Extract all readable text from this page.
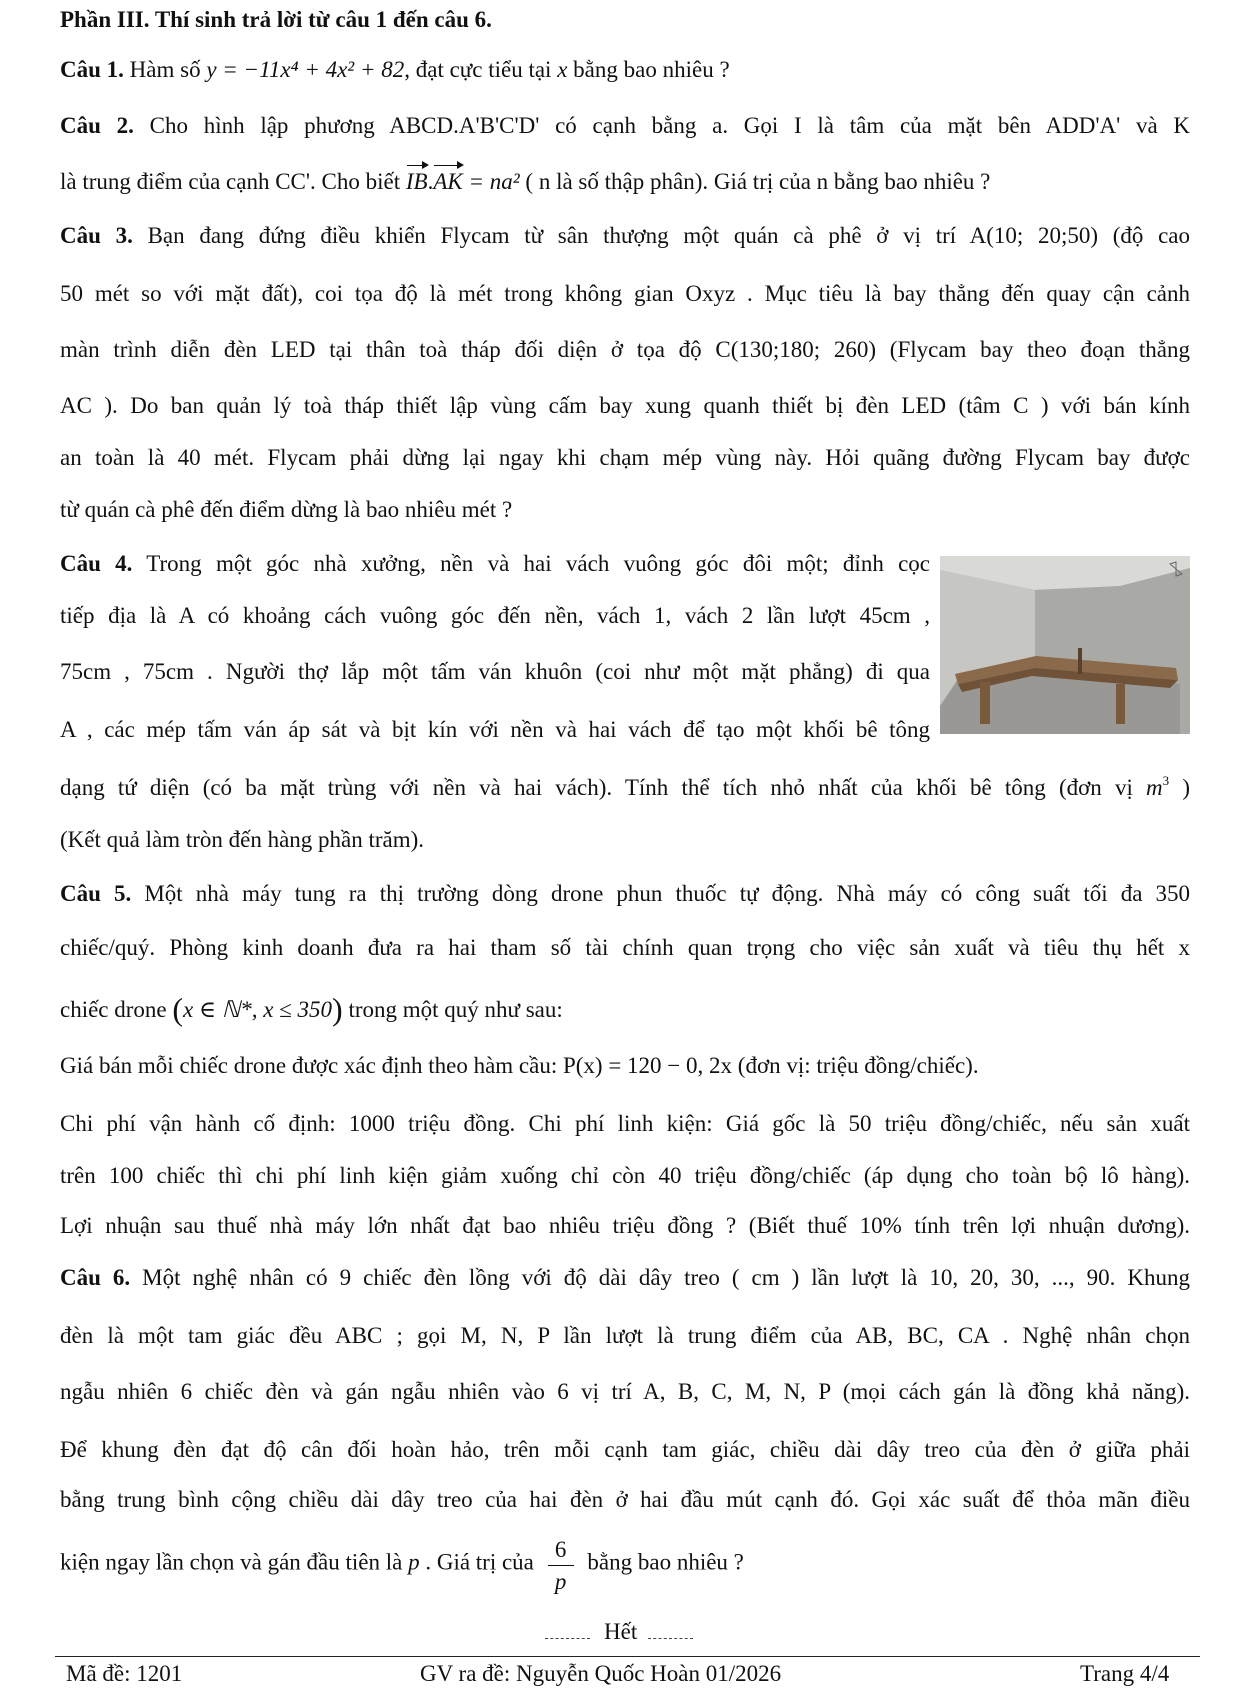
Phần III. Thí sinh trả lời từ câu 1 đến câu 6.
Câu 1. Hàm số y = −11x⁴ + 4x² + 82, đạt cực tiểu tại x bằng bao nhiêu ?
Câu 2. Cho hình lập phương ABCD.A'B'C'D' có cạnh bằng a. Gọi I là tâm của mặt bên ADD'A' và K
là trung điểm của cạnh CC'. Cho biết IB.AK = na² ( n là số thập phân). Giá trị của n bằng bao nhiêu ?
Câu 3. Bạn đang đứng điều khiển Flycam từ sân thượng một quán cà phê ở vị trí A(10; 20;50) (độ cao
50 mét so với mặt đất), coi tọa độ là mét trong không gian Oxyz . Mục tiêu là bay thẳng đến quay cận cảnh
màn trình diễn đèn LED tại thân toà tháp đối diện ở tọa độ C(130;180; 260) (Flycam bay theo đoạn thẳng
AC ). Do ban quản lý toà tháp thiết lập vùng cấm bay xung quanh thiết bị đèn LED (tâm C ) với bán kính
an toàn là 40 mét. Flycam phải dừng lại ngay khi chạm mép vùng này. Hỏi quãng đường Flycam bay được
từ quán cà phê đến điểm dừng là bao nhiêu mét ?
Câu 4. Trong một góc nhà xưởng, nền và hai vách vuông góc đôi một; đỉnh cọc
tiếp địa là A có khoảng cách vuông góc đến nền, vách 1, vách 2 lần lượt 45cm ,
75cm , 75cm . Người thợ lắp một tấm ván khuôn (coi như một mặt phẳng) đi qua
A , các mép tấm ván áp sát và bịt kín với nền và hai vách để tạo một khối bê tông
dạng tứ diện (có ba mặt trùng với nền và hai vách). Tính thể tích nhỏ nhất của khối bê tông (đơn vị $m^3$ )
(Kết quả làm tròn đến hàng phần trăm).
Câu 5. Một nhà máy tung ra thị trường dòng drone phun thuốc tự động. Nhà máy có công suất tối đa 350
chiếc/quý. Phòng kinh doanh đưa ra hai tham số tài chính quan trọng cho việc sản xuất và tiêu thụ hết x
chiếc drone (x ∈ ℕ*, x ≤ 350) trong một quý như sau:
Giá bán mỗi chiếc drone được xác định theo hàm cầu: P(x) = 120 − 0, 2x (đơn vị: triệu đồng/chiếc).
Chi phí vận hành cố định: 1000 triệu đồng. Chi phí linh kiện: Giá gốc là 50 triệu đồng/chiếc, nếu sản xuất
trên 100 chiếc thì chi phí linh kiện giảm xuống chỉ còn 40 triệu đồng/chiếc (áp dụng cho toàn bộ lô hàng).
Lợi nhuận sau thuế nhà máy lớn nhất đạt bao nhiêu triệu đồng ? (Biết thuế 10% tính trên lợi nhuận dương).
Câu 6. Một nghệ nhân có 9 chiếc đèn lồng với độ dài dây treo ( cm ) lần lượt là 10, 20, 30, ..., 90. Khung
đèn là một tam giác đều ABC ; gọi M, N, P lần lượt là trung điểm của AB, BC, CA . Nghệ nhân chọn
ngẫu nhiên 6 chiếc đèn và gán ngẫu nhiên vào 6 vị trí A, B, C, M, N, P (mọi cách gán là đồng khả năng).
Để khung đèn đạt độ cân đối hoàn hảo, trên mỗi cạnh tam giác, chiều dài dây treo của đèn ở giữa phải
bằng trung bình cộng chiều dài dây treo của hai đèn ở hai đầu mút cạnh đó. Gọi xác suất để thỏa mãn điều
kiện ngay lần chọn và gán đầu tiên là p . Giá trị của $\frac{6}{p}$ bằng bao nhiêu ?
Hết
Mã đề: 1201	GV ra đề: Nguyễn Quốc Hoàn 01/2026	Trang 4/4
